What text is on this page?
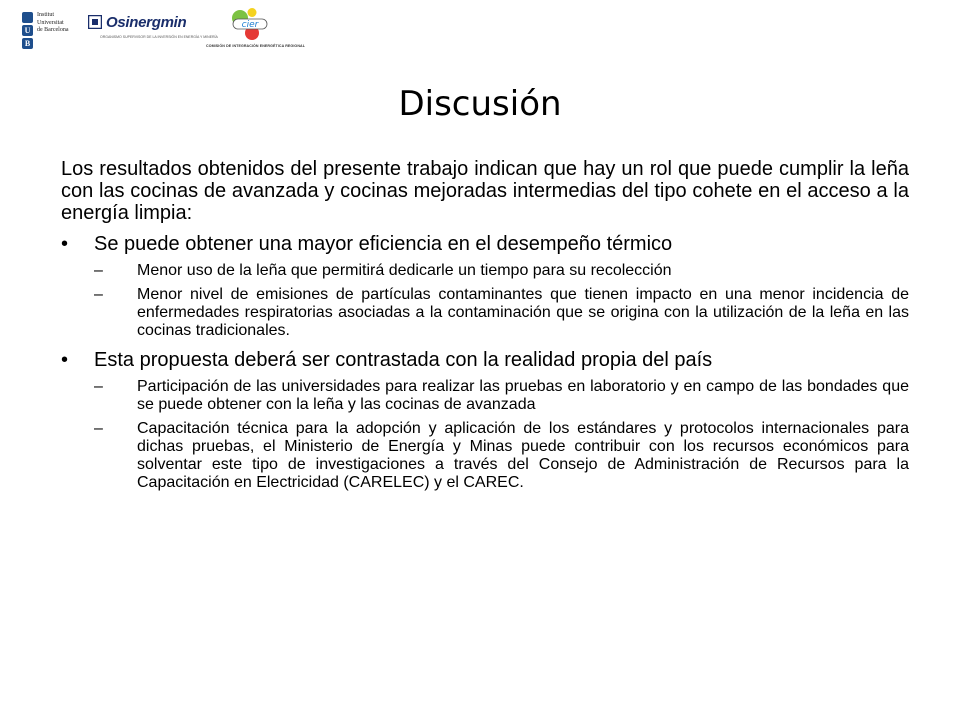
U
B
Institut
Universitat
de Barcelona	Osinergmin
ORGANISMO SUPERVISOR DE LA INVERSIÓN EN ENERGÍA Y MINERÍA
cier
COMISIÓN DE INTEGRACIÓN ENERGÉTICA REGIONAL
Discusión

Los resultados obtenidos del presente trabajo indican que hay un rol que puede cumplir la leña con las cocinas de avanzada y cocinas mejoradas intermedias del tipo cohete en el acceso a la energía limpia:

• Se puede obtener una mayor eficiencia en el desempeño térmico
– Menor uso de la leña que permitirá dedicarle un tiempo para su recolección
– Menor nivel de emisiones de partículas contaminantes que tienen impacto en una menor incidencia de enfermedades respiratorias asociadas a la contaminación que se origina con la utilización de la leña en las cocinas tradicionales.
• Esta propuesta deberá ser contrastada con la realidad propia del país
– Participación de las universidades para realizar las pruebas en laboratorio y en campo de las bondades que se puede obtener con la leña y las cocinas de avanzada
– Capacitación técnica para la adopción y aplicación de los estándares y protocolos internacionales para dichas pruebas, el Ministerio de Energía y Minas puede contribuir con los recursos económicos para solventar este tipo de investigaciones a través del Consejo de Administración de Recursos para la Capacitación en Electricidad (CARELEC) y el CAREC.
